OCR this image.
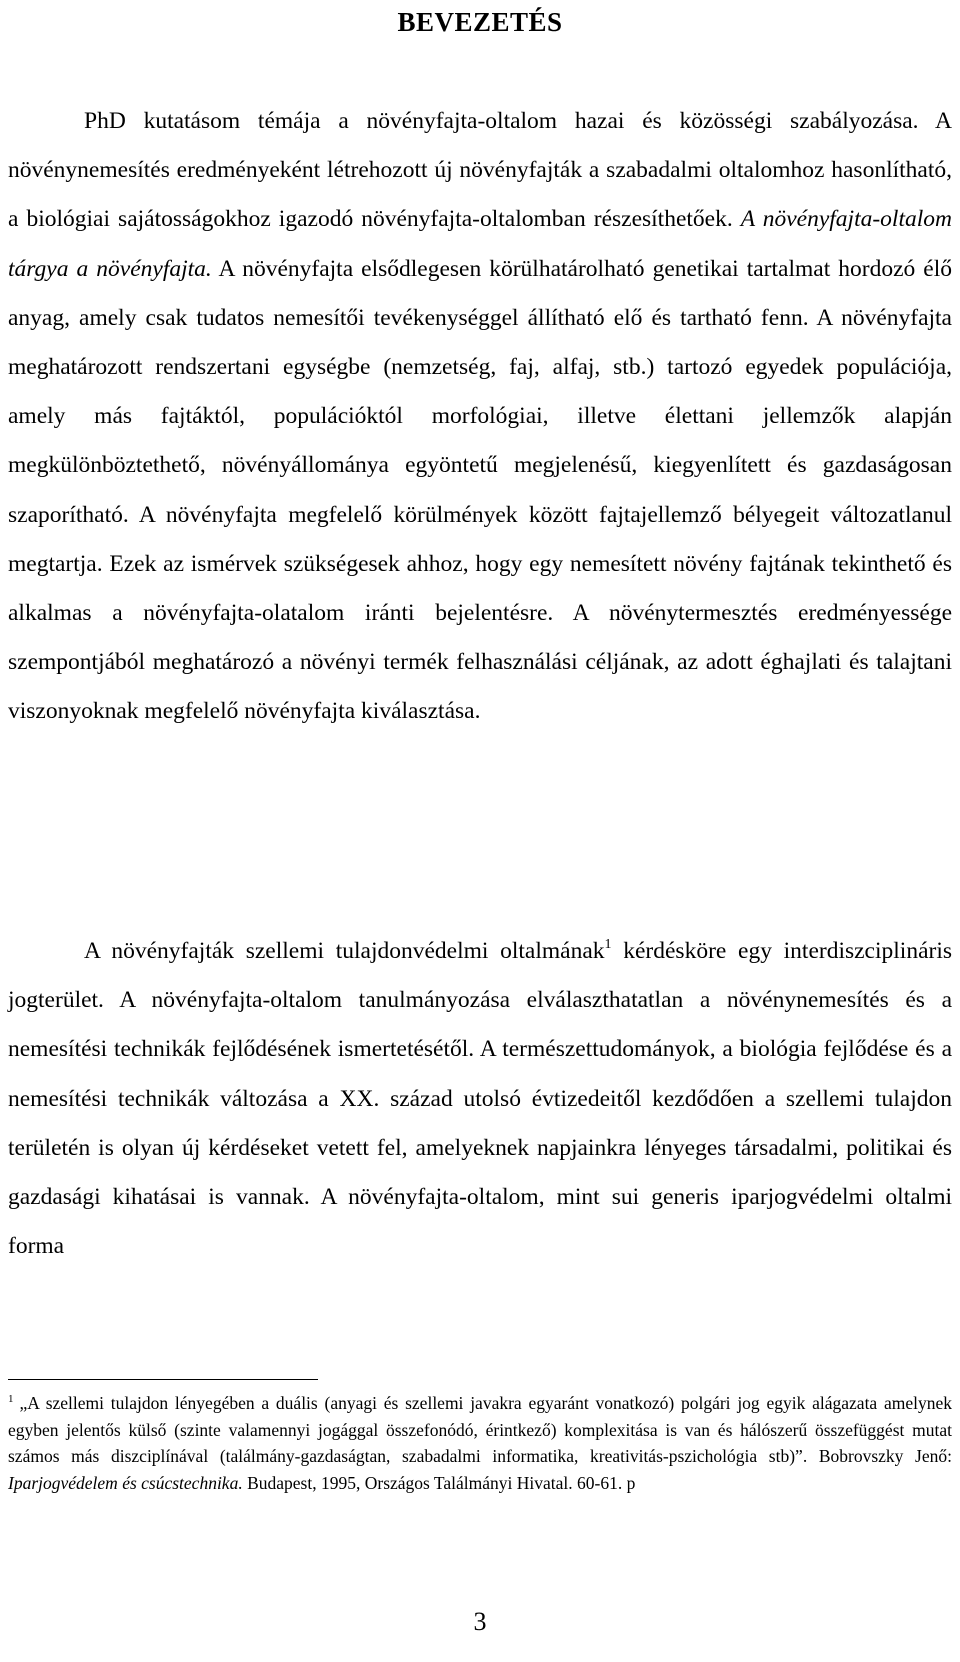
BEVEZETÉS

PhD kutatásom témája a növényfajta-oltalom hazai és közösségi szabályozása. A növénynemesítés eredményeként létrehozott új növényfajták a szabadalmi oltalomhoz hasonlítható, a biológiai sajátosságokhoz igazodó növényfajta-oltalomban részesíthetőek. A növényfajta-oltalom tárgya a növényfajta. A növényfajta elsődlegesen körülhatárolható genetikai tartalmat hordozó élő anyag, amely csak tudatos nemesítői tevékenységgel állítható elő és tartható fenn. A növényfajta meghatározott rendszertani egységbe (nemzetség, faj, alfaj, stb.) tartozó egyedek populációja, amely más fajtáktól, populációktól morfológiai, illetve élettani jellemzők alapján megkülönböztethető, növényállománya egyöntetű megjelenésű, kiegyenlített és gazdaságosan szaporítható. A növényfajta megfelelő körülmények között fajtajellemző bélyegeit változatlanul megtartja. Ezek az ismérvek szükségesek ahhoz, hogy egy nemesített növény fajtának tekinthető és alkalmas a növényfajta-olatalom iránti bejelentésre. A növénytermesztés eredményessége szempontjából meghatározó a növényi termék felhasználási céljának, az adott éghajlati és talajtani viszonyoknak megfelelő növényfajta kiválasztása.

A növényfajták szellemi tulajdonvédelmi oltalmának$^1$ kérdésköre egy interdiszciplináris jogterület. A növényfajta-oltalom tanulmányozása elválaszthatatlan a növénynemesítés és a nemesítési technikák fejlődésének ismertetésétől. A természettudományok, a biológia fejlődése és a nemesítési technikák változása a XX. század utolsó évtizedeitől kezdődően a szellemi tulajdon területén is olyan új kérdéseket vetett fel, amelyeknek napjainkra lényeges társadalmi, politikai és gazdasági kihatásai is vannak. A növényfajta-oltalom, mint sui generis iparjogvédelmi oltalmi forma

$^1$ „A szellemi tulajdon lényegében a duális (anyagi és szellemi javakra egyaránt vonatkozó) polgári jog egyik alágazata amelynek egyben jelentős külső (szinte valamennyi jogággal összefonódó, érintkező) komplexitása is van és hálószerű összefüggést mutat számos más diszciplínával (találmány-gazdaságtan, szabadalmi informatika, kreativitás-pszichológia stb)”. Bobrovszky Jenő: Iparjogvédelem és csúcstechnika. Budapest, 1995, Országos Találmányi Hivatal. 60-61. p

3
